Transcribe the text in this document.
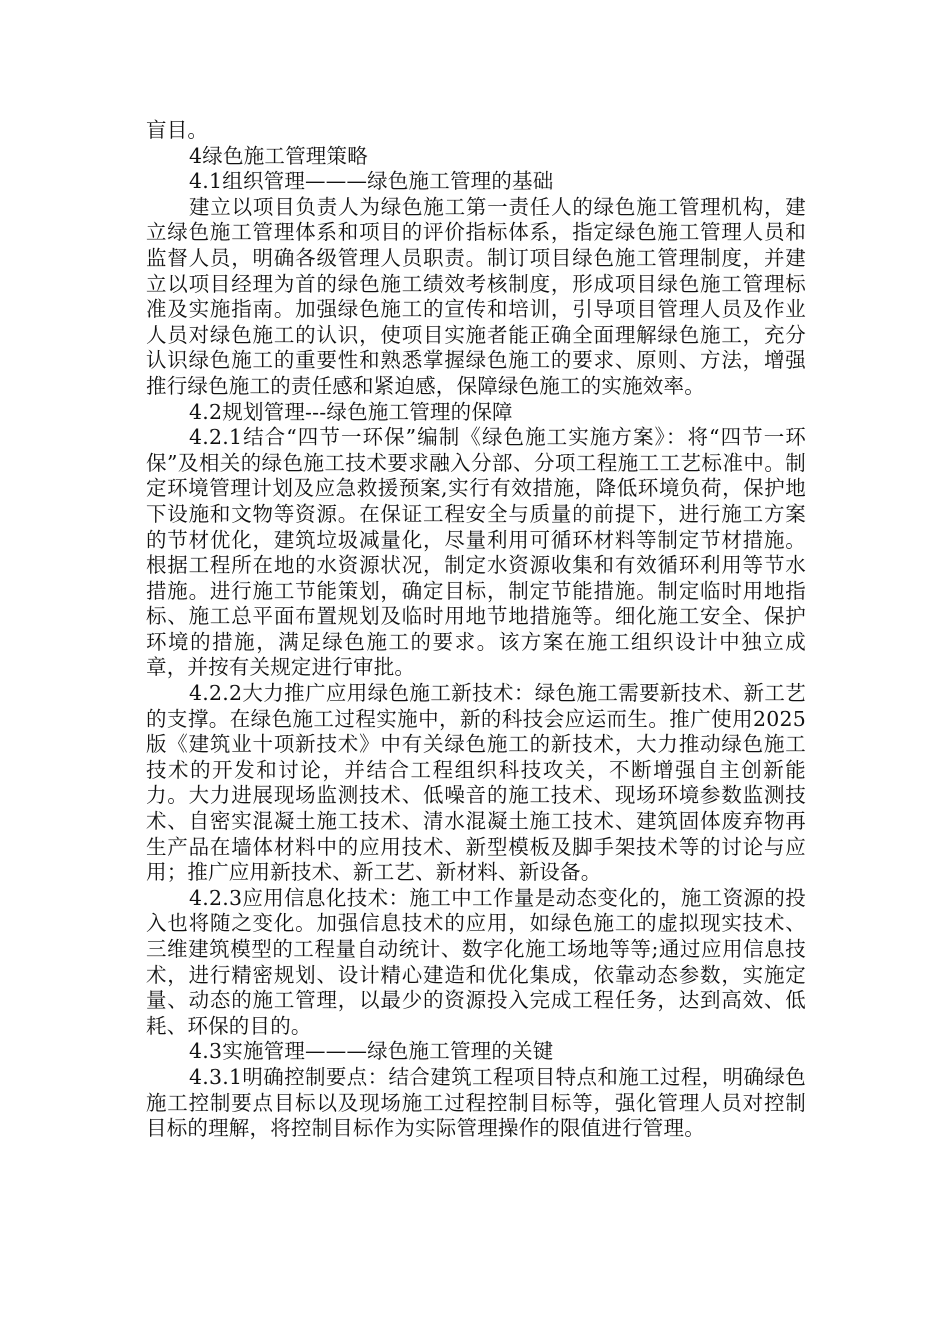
盲目。

4绿色施工管理策略

4.1组织管理———绿色施工管理的基础

建立以项目负责人为绿色施工第一责任人的绿色施工管理机构，建立绿色施工管理体系和项目的评价指标体系，指定绿色施工管理人员和监督人员，明确各级管理人员职责。制订项目绿色施工管理制度，并建立以项目经理为首的绿色施工绩效考核制度，形成项目绿色施工管理标准及实施指南。加强绿色施工的宣传和培训，引导项目管理人员及作业人员对绿色施工的认识，使项目实施者能正确全面理解绿色施工，充分认识绿色施工的重要性和熟悉掌握绿色施工的要求、原则、方法，增强推行绿色施工的责任感和紧迫感，保障绿色施工的实施效率。

4.2规划管理---绿色施工管理的保障

4.2.1结合“四节一环保”编制《绿色施工实施方案》：将“四节一环保”及相关的绿色施工技术要求融入分部、分项工程施工工艺标准中。制定环境管理计划及应急救援预案,实行有效措施，降低环境负荷，保护地下设施和文物等资源。在保证工程安全与质量的前提下，进行施工方案的节材优化，建筑垃圾减量化，尽量利用可循环材料等制定节材措施。根据工程所在地的水资源状况，制定水资源收集和有效循环利用等节水措施。进行施工节能策划，确定目标，制定节能措施。制定临时用地指标、施工总平面布置规划及临时用地节地措施等。细化施工安全、保护环境的措施，满足绿色施工的要求。该方案在施工组织设计中独立成章，并按有关规定进行审批。

4.2.2大力推广应用绿色施工新技术：绿色施工需要新技术、新工艺的支撑。在绿色施工过程实施中，新的科技会应运而生。推广使用2025版《建筑业十项新技术》中有关绿色施工的新技术，大力推动绿色施工技术的开发和讨论，并结合工程组织科技攻关，不断增强自主创新能力。大力进展现场监测技术、低噪音的施工技术、现场环境参数监测技术、自密实混凝土施工技术、清水混凝土施工技术、建筑固体废弃物再生产品在墙体材料中的应用技术、新型模板及脚手架技术等的讨论与应用；推广应用新技术、新工艺、新材料、新设备。

4.2.3应用信息化技术：施工中工作量是动态变化的，施工资源的投入也将随之变化。加强信息技术的应用，如绿色施工的虚拟现实技术、三维建筑模型的工程量自动统计、数字化施工场地等等;通过应用信息技术，进行精密规划、设计精心建造和优化集成，依靠动态参数，实施定量、动态的施工管理，以最少的资源投入完成工程任务，达到高效、低耗、环保的目的。

4.3实施管理———绿色施工管理的关键

4.3.1明确控制要点：结合建筑工程项目特点和施工过程，明确绿色施工控制要点目标以及现场施工过程控制目标等，强化管理人员对控制目标的理解，将控制目标作为实际管理操作的限值进行管理。
